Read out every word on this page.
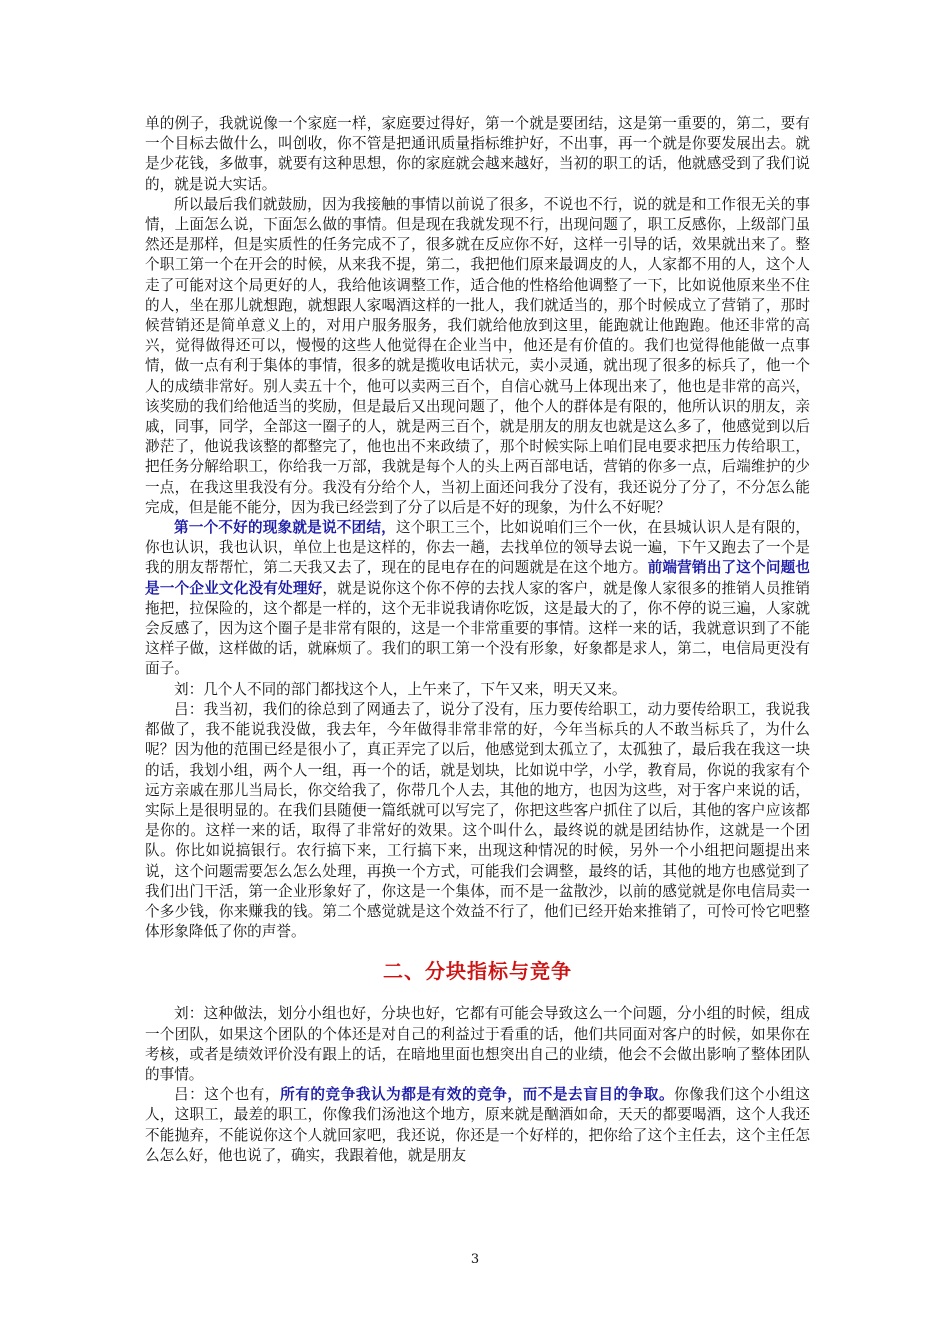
单的例子，我就说像一个家庭一样，家庭要过得好，第一个就是要团结，这是第一重要的，第二，要有一个目标去做什么，叫创收，你不管是把通讯质量指标维护好，不出事，再一个就是你要发展出去。就是少花钱，多做事，就要有这种思想，你的家庭就会越来越好，当初的职工的话，他就感受到了我们说的，就是说大实话。

所以最后我们就鼓励，因为我接触的事情以前说了很多，不说也不行，说的就是和工作很无关的事情，上面怎么说，下面怎么做的事情。但是现在我就发现不行，出现问题了，职工反感你，上级部门虽然还是那样，但是实质性的任务完成不了，很多就在反应你不好，这样一引导的话，效果就出来了。整个职工第一个在开会的时候，从来我不提，第二，我把他们原来最调皮的人，人家都不用的人，这个人走了可能对这个局更好的人，我给他该调整工作，适合他的性格给他调整了一下，比如说他原来坐不住的人，坐在那儿就想跑，就想跟人家喝酒这样的一批人，我们就适当的，那个时候成立了营销了，那时候营销还是简单意义上的，对用户服务服务，我们就给他放到这里，能跑就让他跑跑。他还非常的高兴，觉得做得还可以，慢慢的这些人他觉得在企业当中，他还是有价值的。我们也觉得他能做一点事情，做一点有利于集体的事情，很多的就是揽收电话状元，卖小灵通，就出现了很多的标兵了，他一个人的成绩非常好。别人卖五十个，他可以卖两三百个，自信心就马上体现出来了，他也是非常的高兴，该奖励的我们给他适当的奖励，但是最后又出现问题了，他个人的群体是有限的，他所认识的朋友，亲戚，同事，同学，全部这一圈子的人，就是两三百个，就是朋友的朋友也就是这么多了，他感觉到以后渺茫了，他说我该整的都整完了，他也出不来政绩了，那个时候实际上咱们昆电要求把压力传给职工，把任务分解给职工，你给我一万部，我就是每个人的头上两百部电话，营销的你多一点，后端维护的少一点，在我这里我没有分。我没有分给个人，当初上面还问我分了没有，我还说分了分了，不分怎么能完成，但是能不能分，因为我已经尝到了分了以后是不好的现象，为什么不好呢？

第一个不好的现象就是说不团结，这个职工三个，比如说咱们三个一伙，在县城认识人是有限的，你也认识，我也认识，单位上也是这样的，你去一趟，去找单位的领导去说一遍，下午又跑去了一个是我的朋友帮帮忙，第二天我又去了，现在的昆电存在的问题就是在这个地方。前端营销出了这个问题也是一个企业文化没有处理好，就是说你这个你不停的去找人家的客户，就是像人家很多的推销人员推销拖把，拉保险的，这个都是一样的，这个无非说我请你吃饭，这是最大的了，你不停的说三遍，人家就会反感了，因为这个圈子是非常有限的，这是一个非常重要的事情。这样一来的话，我就意识到了不能这样子做，这样做的话，就麻烦了。我们的职工第一个没有形象，好象都是求人，第二，电信局更没有面子。

刘：几个人不同的部门都找这个人，上午来了，下午又来，明天又来。

吕：我当初，我们的徐总到了网通去了，说分了没有，压力要传给职工，动力要传给职工，我说我都做了，我不能说我没做，我去年，今年做得非常非常的好，今年当标兵的人不敢当标兵了，为什么呢？因为他的范围已经是很小了，真正弄完了以后，他感觉到太孤立了，太孤独了，最后我在我这一块的话，我划小组，两个人一组，再一个的话，就是划块，比如说中学，小学，教育局，你说的我家有个远方亲戚在那儿当局长，你交给我了，你带几个人去，其他的地方，也因为这些，对于客户来说的话，实际上是很明显的。在我们县随便一篇纸就可以写完了，你把这些客户抓住了以后，其他的客户应该都是你的。这样一来的话，取得了非常好的效果。这个叫什么，最终说的就是团结协作，这就是一个团队。你比如说搞银行。农行搞下来，工行搞下来，出现这种情况的时候，另外一个小组把问题提出来说，这个问题需要怎么怎么处理，再换一个方式，可能我们会调整，最终的话，其他的地方也感觉到了我们出门干活，第一企业形象好了，你这是一个集体，而不是一盆散沙，以前的感觉就是你电信局卖一个多少钱，你来赚我的钱。第二个感觉就是这个效益不行了，他们已经开始来推销了，可怜可怜它吧整体形象降低了你的声誉。

二、分块指标与竞争

刘：这种做法，划分小组也好，分块也好，它都有可能会导致这么一个问题，分小组的时候，组成一个团队，如果这个团队的个体还是对自己的利益过于看重的话，他们共同面对客户的时候，如果你在考核，或者是绩效评价没有跟上的话，在暗地里面也想突出自己的业绩，他会不会做出影响了整体团队的事情。

吕：这个也有，所有的竞争我认为都是有效的竞争，而不是去盲目的争取。你像我们这个小组这人，这职工，最差的职工，你像我们汤池这个地方，原来就是酗酒如命，天天的都要喝酒，这个人我还不能抛弃，不能说你这个人就回家吧，我还说，你还是一个好样的，把你给了这个主任去，这个主任怎么怎么好，他也说了，确实，我跟着他，就是朋友

3
